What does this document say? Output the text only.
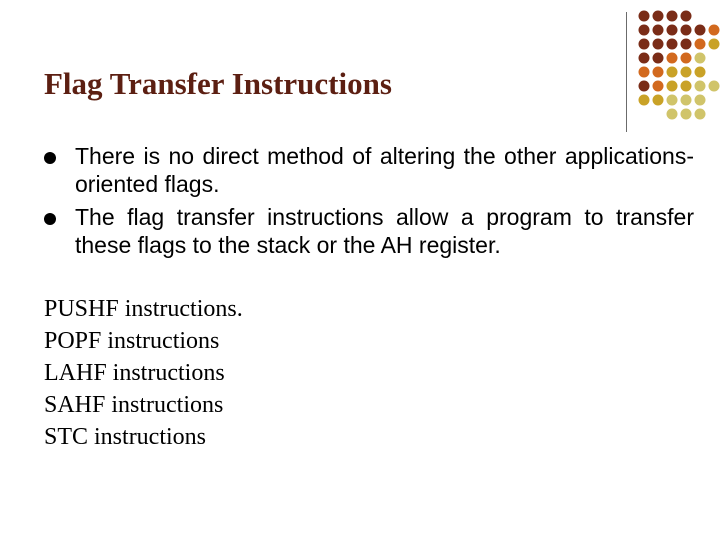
Flag Transfer Instructions
There is no direct method of altering the other applications-oriented flags.
The flag transfer instructions allow a program to transfer these flags to the stack or the AH register.

PUSHF instructions.

POPF instructions

LAHF instructions

SAHF instructions

STC instructions
